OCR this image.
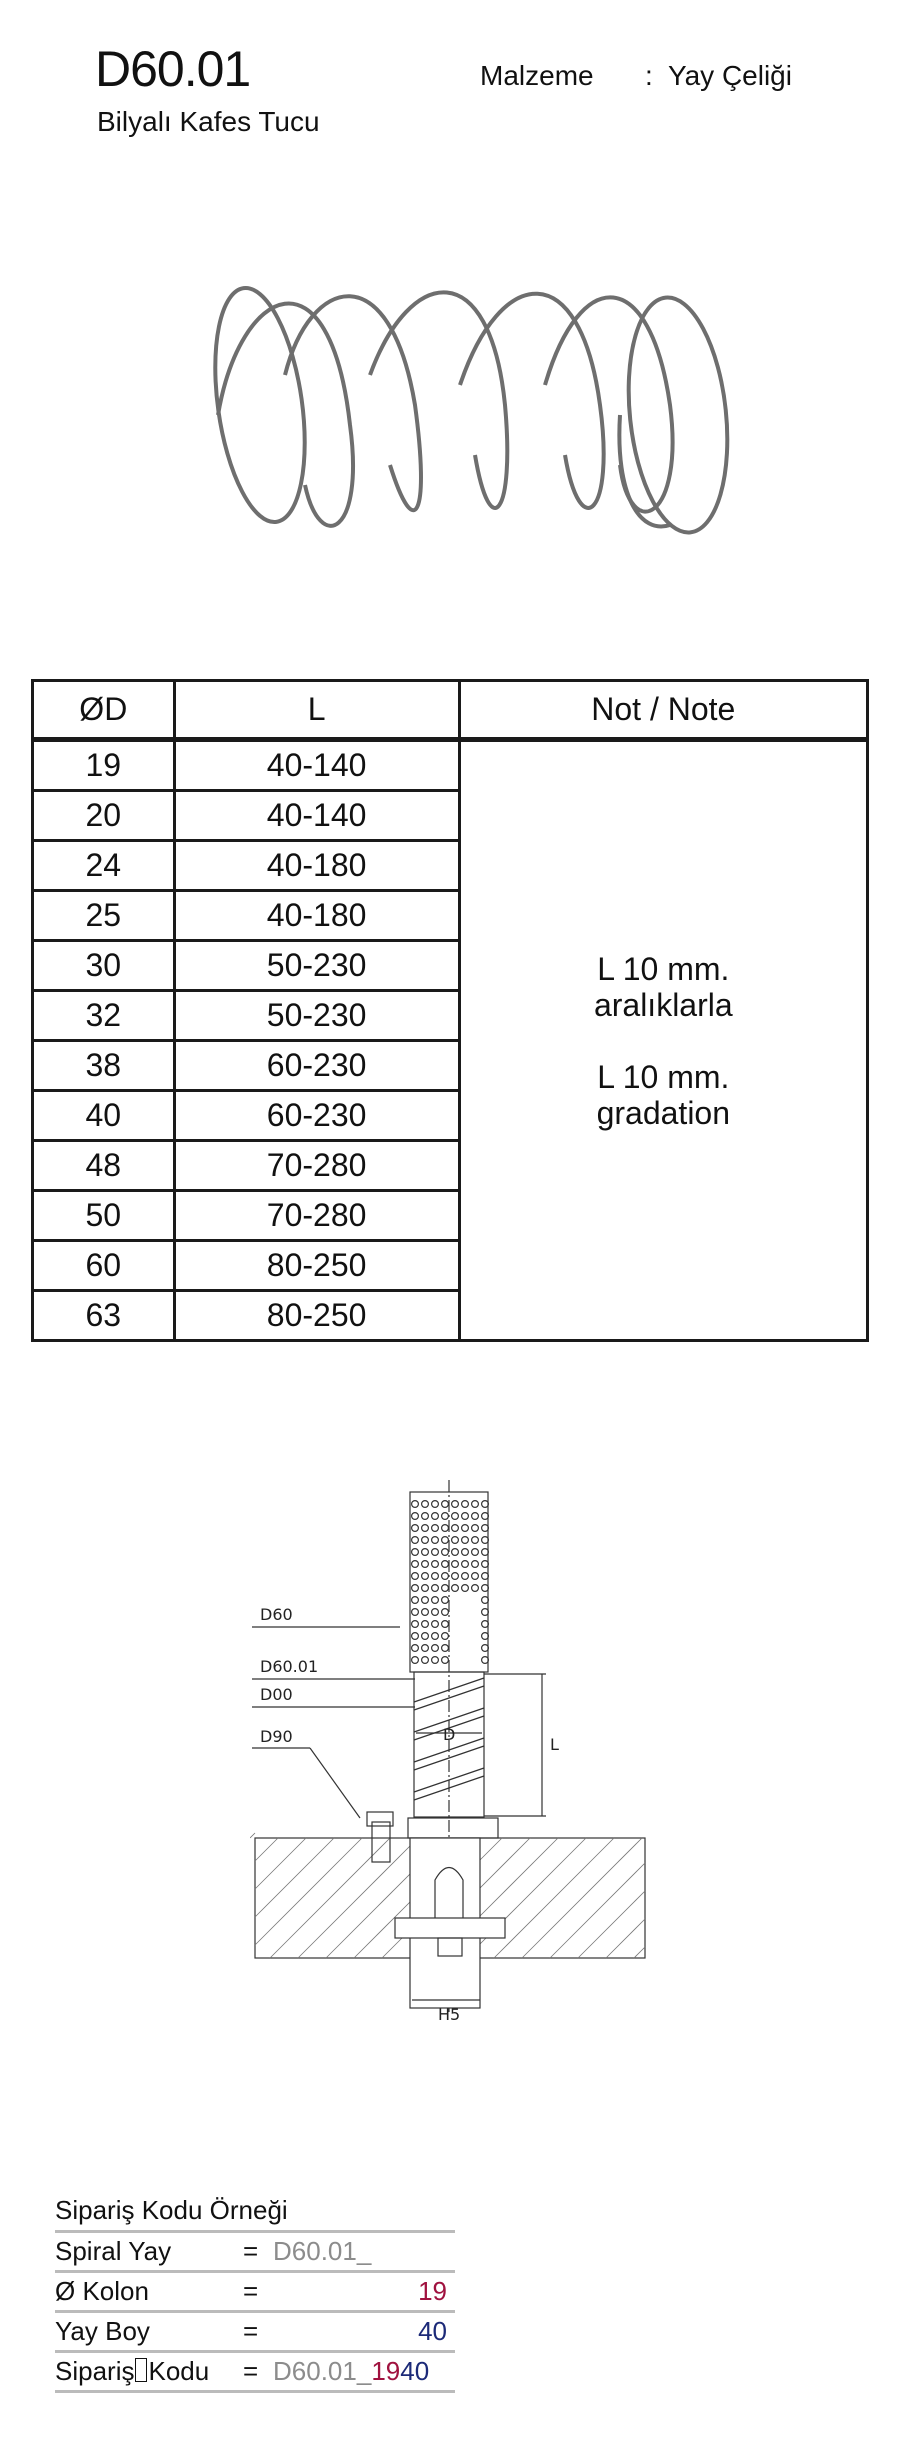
D60.01
Bilyalı Kafes Tucu
Malzeme : Yay Çeliği
ØD	L	Not / Note
19	40-140	L 10 mm.
aralıklarla
L 10 mm.
gradation

20	40-140	
24	40-180	
25	40-180	
30	50-230	
32	50-230	
38	60-230	
40	60-230	
48	70-280	
50	70-280	
60	80-250	
63	80-250	
D60
D60.01
D00
D90	D
L
H5
Sipariş Kodu Örneği
Spiral Yay	= D60.01_
Ø Kolon	=	19
Yay Boy	=	40
Sipariş Kodu = D60.01_1940
